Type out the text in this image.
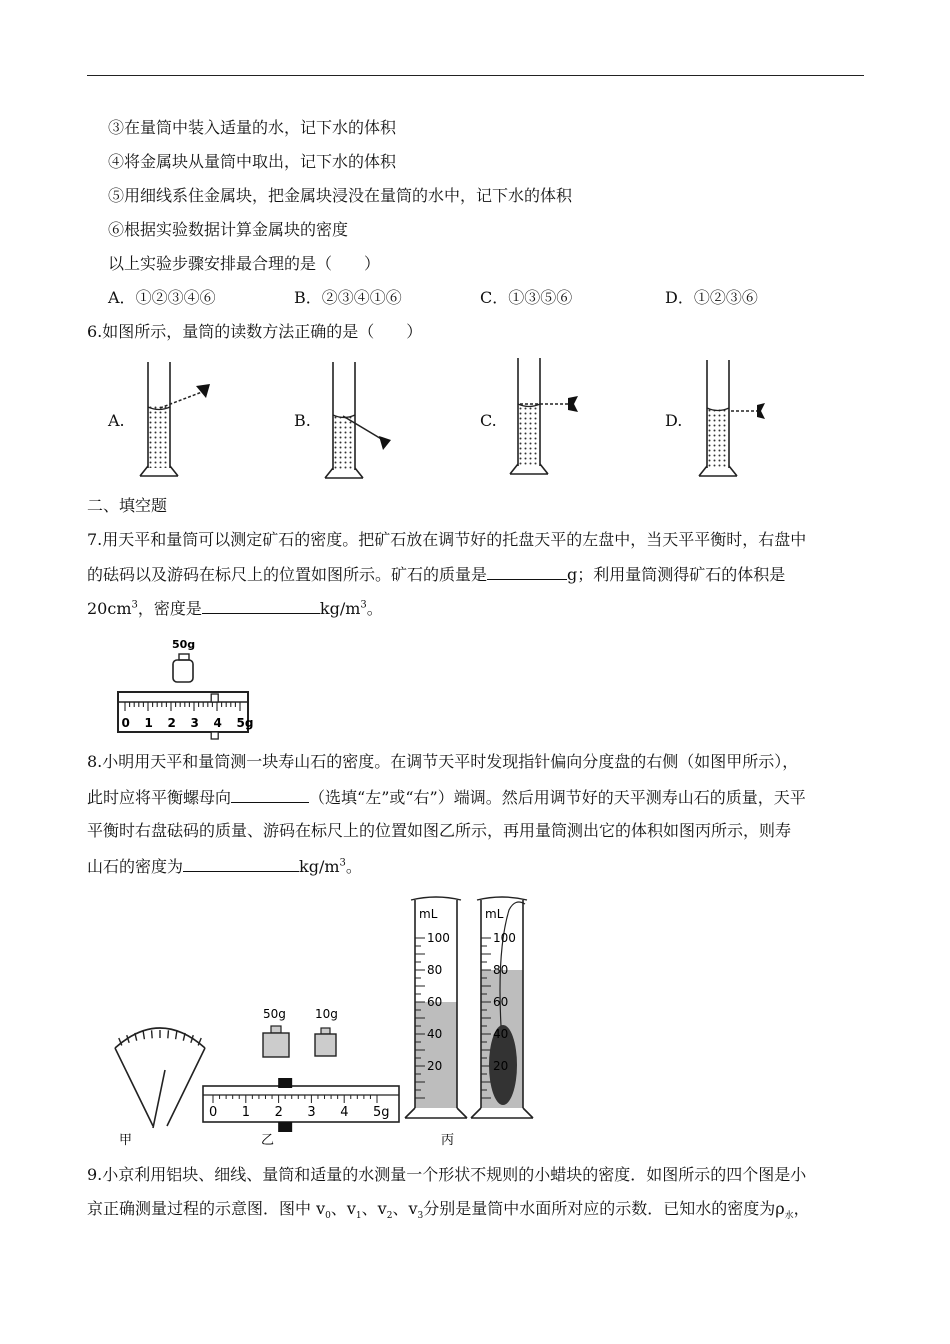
③在量筒中装入适量的水，记下水的体积
④将金属块从量筒中取出，记下水的体积
⑤用细线系住金属块，把金属块浸没在量筒的水中，记下水的体积
⑥根据实验数据计算金属块的密度
以上实验步骤安排最合理的是（　　）
A．①②③④⑥	B．②③④①⑥	C．①③⑤⑥	D．①②③⑥
6.如图所示，量筒的读数方法正确的是（　　）
A.	B.	C.	D.
二、填空题
7.用天平和量筒可以测定矿石的密度。把矿石放在调节好的托盘天平的左盘中，当天平平衡时，右盘中
的砝码以及游码在标尺上的位置如图所示。矿石的质量是	g；利用量筒测得矿石的体积是
$20cm^3$，密度是	$kg/m^3$。
50g
0 1 2 3 4 5g
8.小明用天平和量筒测一块寿山石的密度。在调节天平时发现指针偏向分度盘的右侧（如图甲所示），
此时应将平衡螺母向	（选填“左”或“右”）端调。然后用调节好的天平测寿山石的质量，天平
平衡时右盘砝码的质量、游码在标尺上的位置如图乙所示，再用量筒测出它的体积如图丙所示，则寿
山石的密度为	$kg/m^3$。
甲
50g 10g
0 1 2 3 4 5g
乙
mL
100
80
60
40
20
mL
100
80
60
40
20
丙
9.小京利用铝块、细线、量筒和适量的水测量一个形状不规则的小蜡块的密度．如图所示的四个图是小
京正确测量过程的示意图．图中 $v_0$、$v_1$、$v_2$、$v_3$分别是量筒中水面所对应的示数．已知水的密度为$\rho_水$，
